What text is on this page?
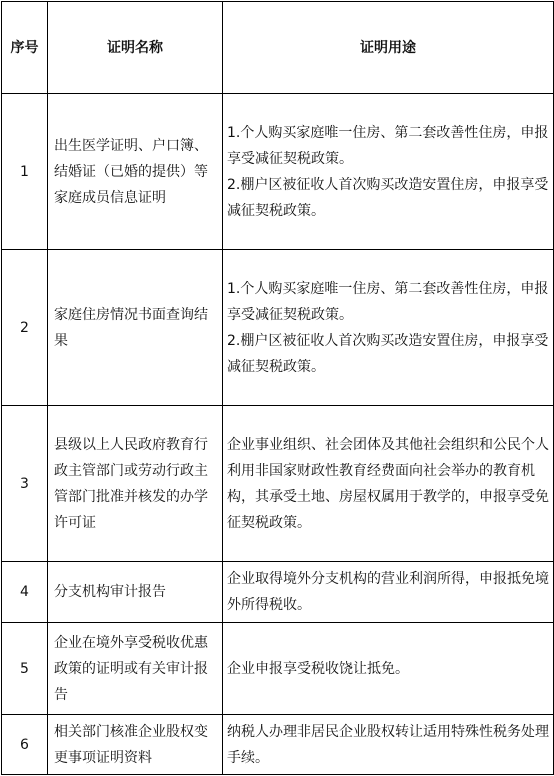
序号	证明名称	证明用途
1	出生医学证明、户口簿、结婚证（已婚的提供）等家庭成员信息证明	1.个人购买家庭唯一住房、第二套改善性住房，申报享受减征契税政策。
2.棚户区被征收人首次购买改造安置住房，申报享受减征契税政策。

2	家庭住房情况书面查询结果	1.个人购买家庭唯一住房、第二套改善性住房，申报享受减征契税政策。
2.棚户区被征收人首次购买改造安置住房，申报享受减征契税政策。

3	县级以上人民政府教育行政主管部门或劳动行政主管部门批准并核发的办学许可证	企业事业组织、社会团体及其他社会组织和公民个人利用非国家财政性教育经费面向社会举办的教育机构，其承受土地、房屋权属用于教学的，申报享受免征契税政策。
4	分支机构审计报告	企业取得境外分支机构的营业利润所得，申报抵免境外所得税收。
5	企业在境外享受税收优惠政策的证明或有关审计报告	企业申报享受税收饶让抵免。
6	相关部门核准企业股权变更事项证明资料	纳税人办理非居民企业股权转让适用特殊性税务处理手续。
